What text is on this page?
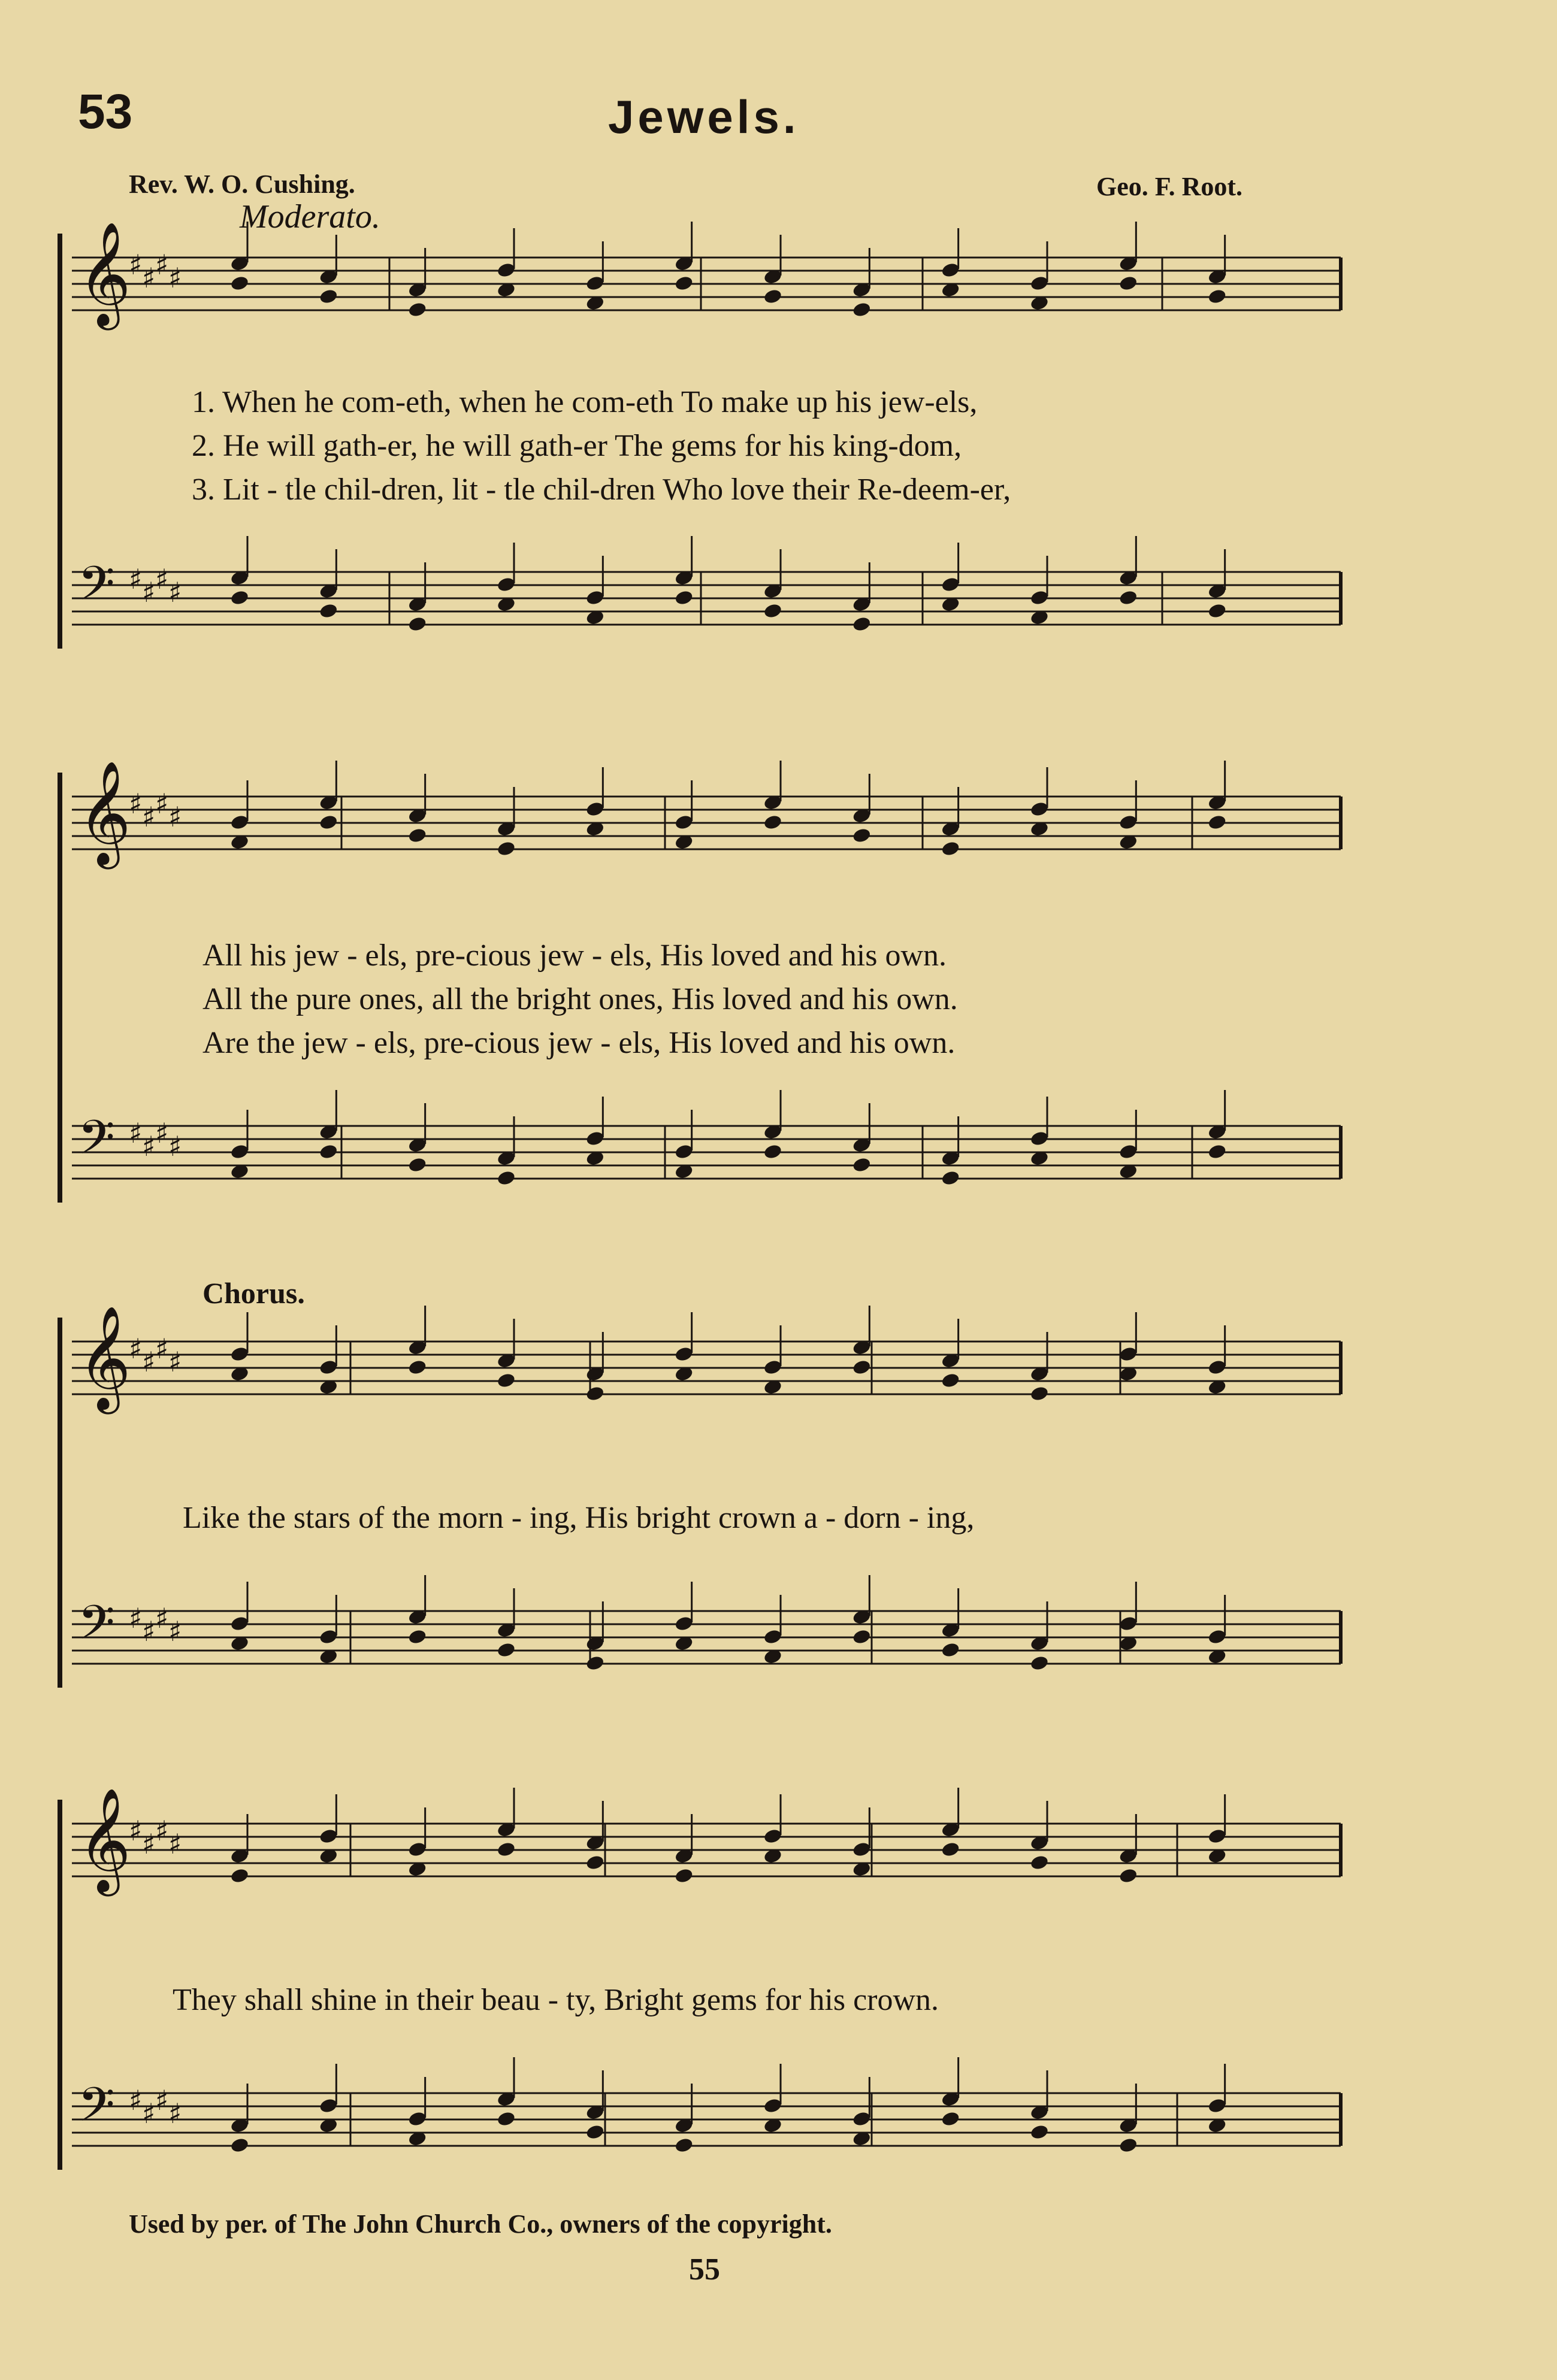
53	Jewels.
Rev. W. O. Cushing.	Geo. F. Root.
Moderato.
𝄞
♯ ♯ ♯ ♯
𝄢 ♯ ♯ ♯ ♯
𝄞
♯ ♯ ♯ ♯
𝄢 ♯ ♯ ♯ ♯
𝄞
♯ ♯ ♯ ♯
𝄢 ♯ ♯ ♯ ♯
𝄞
♯ ♯ ♯ ♯
𝄢 ♯ ♯ ♯ ♯
1. When he com-eth, when he com-eth To make up his jew-els,
2. He will gath-er, he will gath-er The gems for his king-dom,
3. Lit - tle chil-dren, lit - tle chil-dren Who love their Re-deem-er,
All his jew - els, pre-cious jew - els, His loved and his own.
All the pure ones, all the bright ones, His loved and his own.
Are the jew - els, pre-cious jew - els, His loved and his own.
Chorus.
Like the stars of the morn - ing, His bright crown a - dorn - ing,
They shall shine in their beau - ty, Bright gems for his crown.
Used by per. of The John Church Co., owners of the copyright.
55
